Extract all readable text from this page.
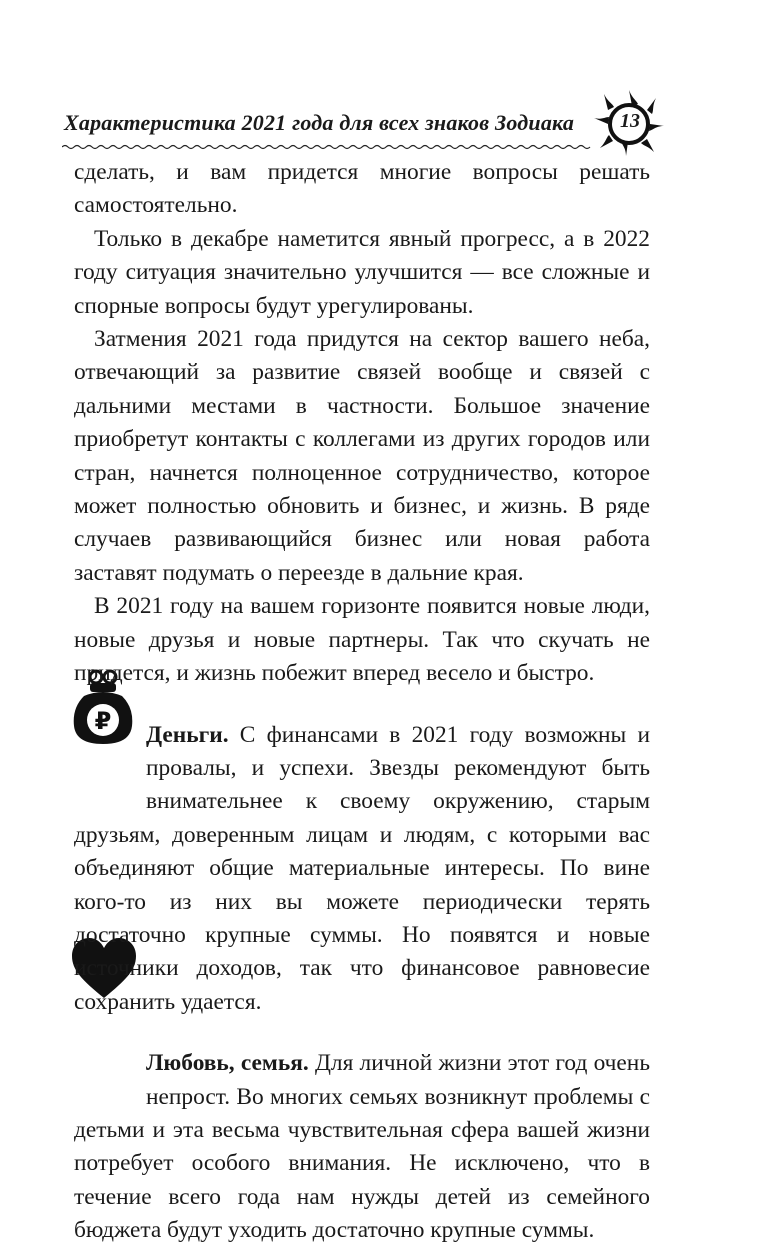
Характеристика 2021 года для всех знаков Зодиака 13
₽

сделать, и вам придется многие вопросы решать самостоятельно.

Только в декабре наметится явный прогресс, а в 2022 году ситуация значительно улучшится — все сложные и спорные вопросы будут урегулированы.

Затмения 2021 года придутся на сектор вашего неба, отвечающий за развитие связей вообще и связей с дальними местами в частности. Большое значение приобретут контакты с коллегами из других городов или стран, начнется полноценное сотрудничество, которое может полностью обновить и бизнес, и жизнь. В ряде случаев развивающийся бизнес или новая работа заставят подумать о переезде в дальние края.

В 2021 году на вашем горизонте появится новые люди, новые друзья и новые партнеры. Так что скучать не придется, и жизнь побежит вперед весело и быстро.

Деньги. С финансами в 2021 году возможны и провалы, и успехи. Звезды рекомендуют быть внимательнее к своему окружению, старым друзьям, доверенным лицам и людям, с которыми вас объединяют общие материальные интересы. По вине кого-то из них вы можете периодически терять достаточно крупные суммы. Но появятся и новые источники доходов, так что финансовое равновесие сохранить удается.

Любовь, семья. Для личной жизни этот год очень непрост. Во многих семьях возникнут проблемы с детьми и эта весьма чувствительная сфера вашей жизни потребует особого внимания. Не исключено, что в течение всего года нам нужды детей из семейного бюджета будут уходить достаточно крупные суммы.
